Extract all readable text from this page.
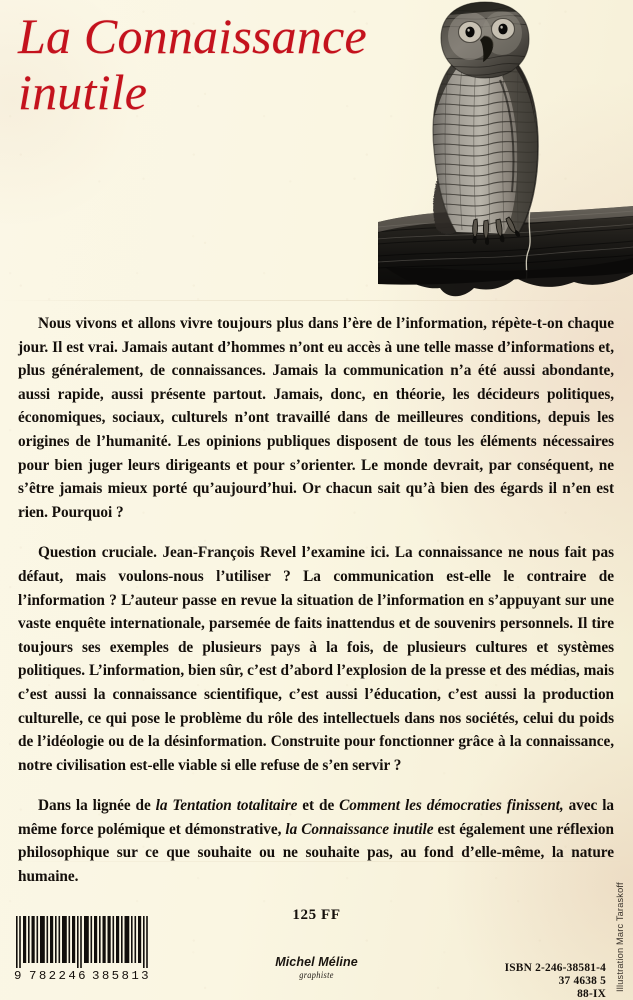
La Connaissance
inutile

Nous vivons et allons vivre toujours plus dans l’ère de l’information, répète-t-on chaque jour. Il est vrai. Jamais autant d’hommes n’ont eu accès à une telle masse d’informations et, plus généralement, de connaissances. Jamais la communication n’a été aussi abondante, aussi rapide, aussi présente partout. Jamais, donc, en théorie, les décideurs politiques, économiques, sociaux, culturels n’ont travaillé dans de meilleures conditions, depuis les origines de l’humanité. Les opinions publiques disposent de tous les éléments nécessaires pour bien juger leurs dirigeants et pour s’orienter. Le monde devrait, par conséquent, ne s’être jamais mieux porté qu’aujourd’hui. Or chacun sait qu’à bien des égards il n’en est rien. Pourquoi ?

Question cruciale. Jean-François Revel l’examine ici. La connaissance ne nous fait pas défaut, mais voulons-nous l’utiliser ? La communication est-elle le contraire de l’information ? L’auteur passe en revue la situation de l’information en s’appuyant sur une vaste enquête internationale, parsemée de faits inattendus et de souvenirs personnels. Il tire toujours ses exemples de plusieurs pays à la fois, de plusieurs cultures et systèmes politiques. L’information, bien sûr, c’est d’abord l’explosion de la presse et des médias, mais c’est aussi la connaissance scientifique, c’est aussi l’éducation, c’est aussi la production culturelle, ce qui pose le problème du rôle des intellectuels dans nos sociétés, celui du poids de l’idéologie ou de la désinformation. Construite pour fonctionner grâce à la connaissance, notre civilisation est-elle viable si elle refuse de s’en servir ?

Dans la lignée de la Tentation totalitaire et de Comment les démocraties finissent, avec la même force polémique et démonstrative, la Connaissance inutile est également une réflexion philosophique sur ce que souhaite ou ne souhaite pas, au fond d’elle-même, la nature humaine.

125 FF
Michel Méline
graphiste
ISBN 2-246-38581-4
37 4638 5
88-IX
Illustration Marc Taraskoff
9 782246 385813
